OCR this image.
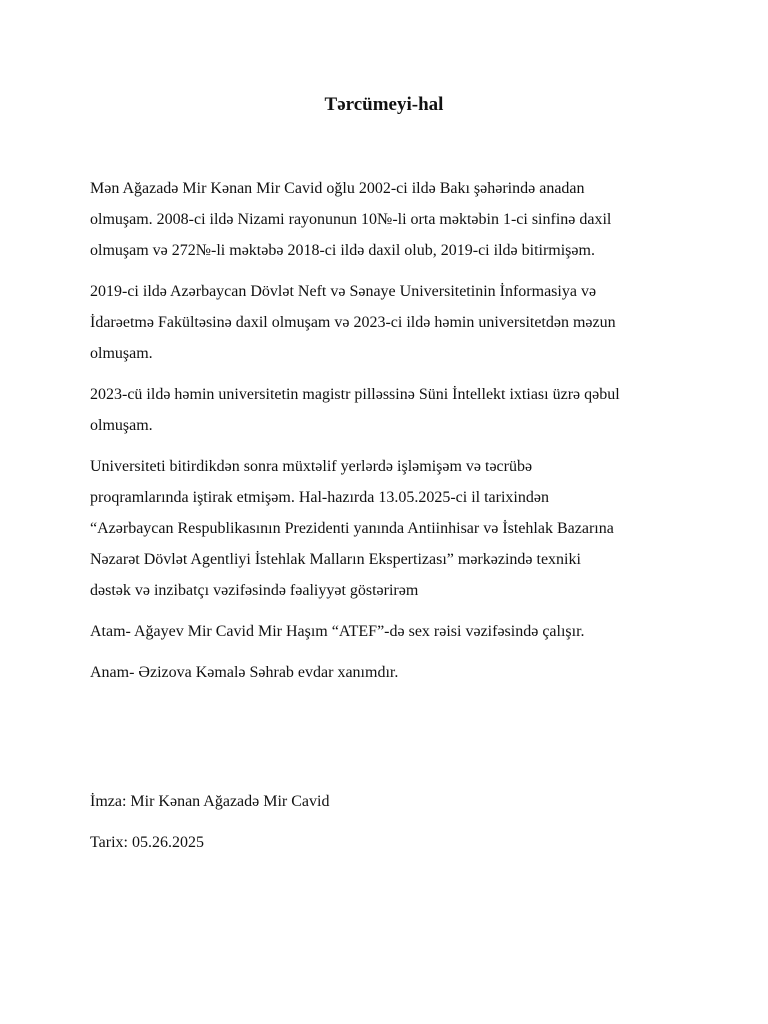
Tərcümeyi-hal

Mən Ağazadə Mir Kənan Mir Cavid oğlu 2002-ci ildə Bakı şəhərində anadan
olmuşam. 2008-ci ildə Nizami rayonunun 10№-li orta məktəbin 1-ci sinfinə daxil
olmuşam və 272№-li məktəbə 2018-ci ildə daxil olub, 2019-ci ildə bitirmişəm.

2019-ci ildə Azərbaycan Dövlət Neft və Sənaye Universitetinin İnformasiya və
İdarəetmə Fakültəsinə daxil olmuşam və 2023-ci ildə həmin universitetdən məzun
olmuşam.

2023-cü ildə həmin universitetin magistr pilləssinə Süni İntellekt ixtiası üzrə qəbul
olmuşam.

Universiteti bitirdikdən sonra müxtəlif yerlərdə işləmişəm və təcrübə
proqramlarında iştirak etmişəm. Hal-hazırda 13.05.2025-ci il tarixindən
“Azərbaycan Respublikasının Prezidenti yanında Antiinhisar və İstehlak Bazarına
Nəzarət Dövlət Agentliyi İstehlak Malların Ekspertizası” mərkəzində texniki
dəstək və inzibatçı vəzifəsində fəaliyyət göstərirəm

Atam- Ağayev Mir Cavid Mir Haşım “ATEF”-də sex rəisi vəzifəsində çalışır.

Anam- Əzizova Kəmalə Səhrab evdar xanımdır.

İmza: Mir Kənan Ağazadə Mir Cavid

Tarix: 05.26.2025
